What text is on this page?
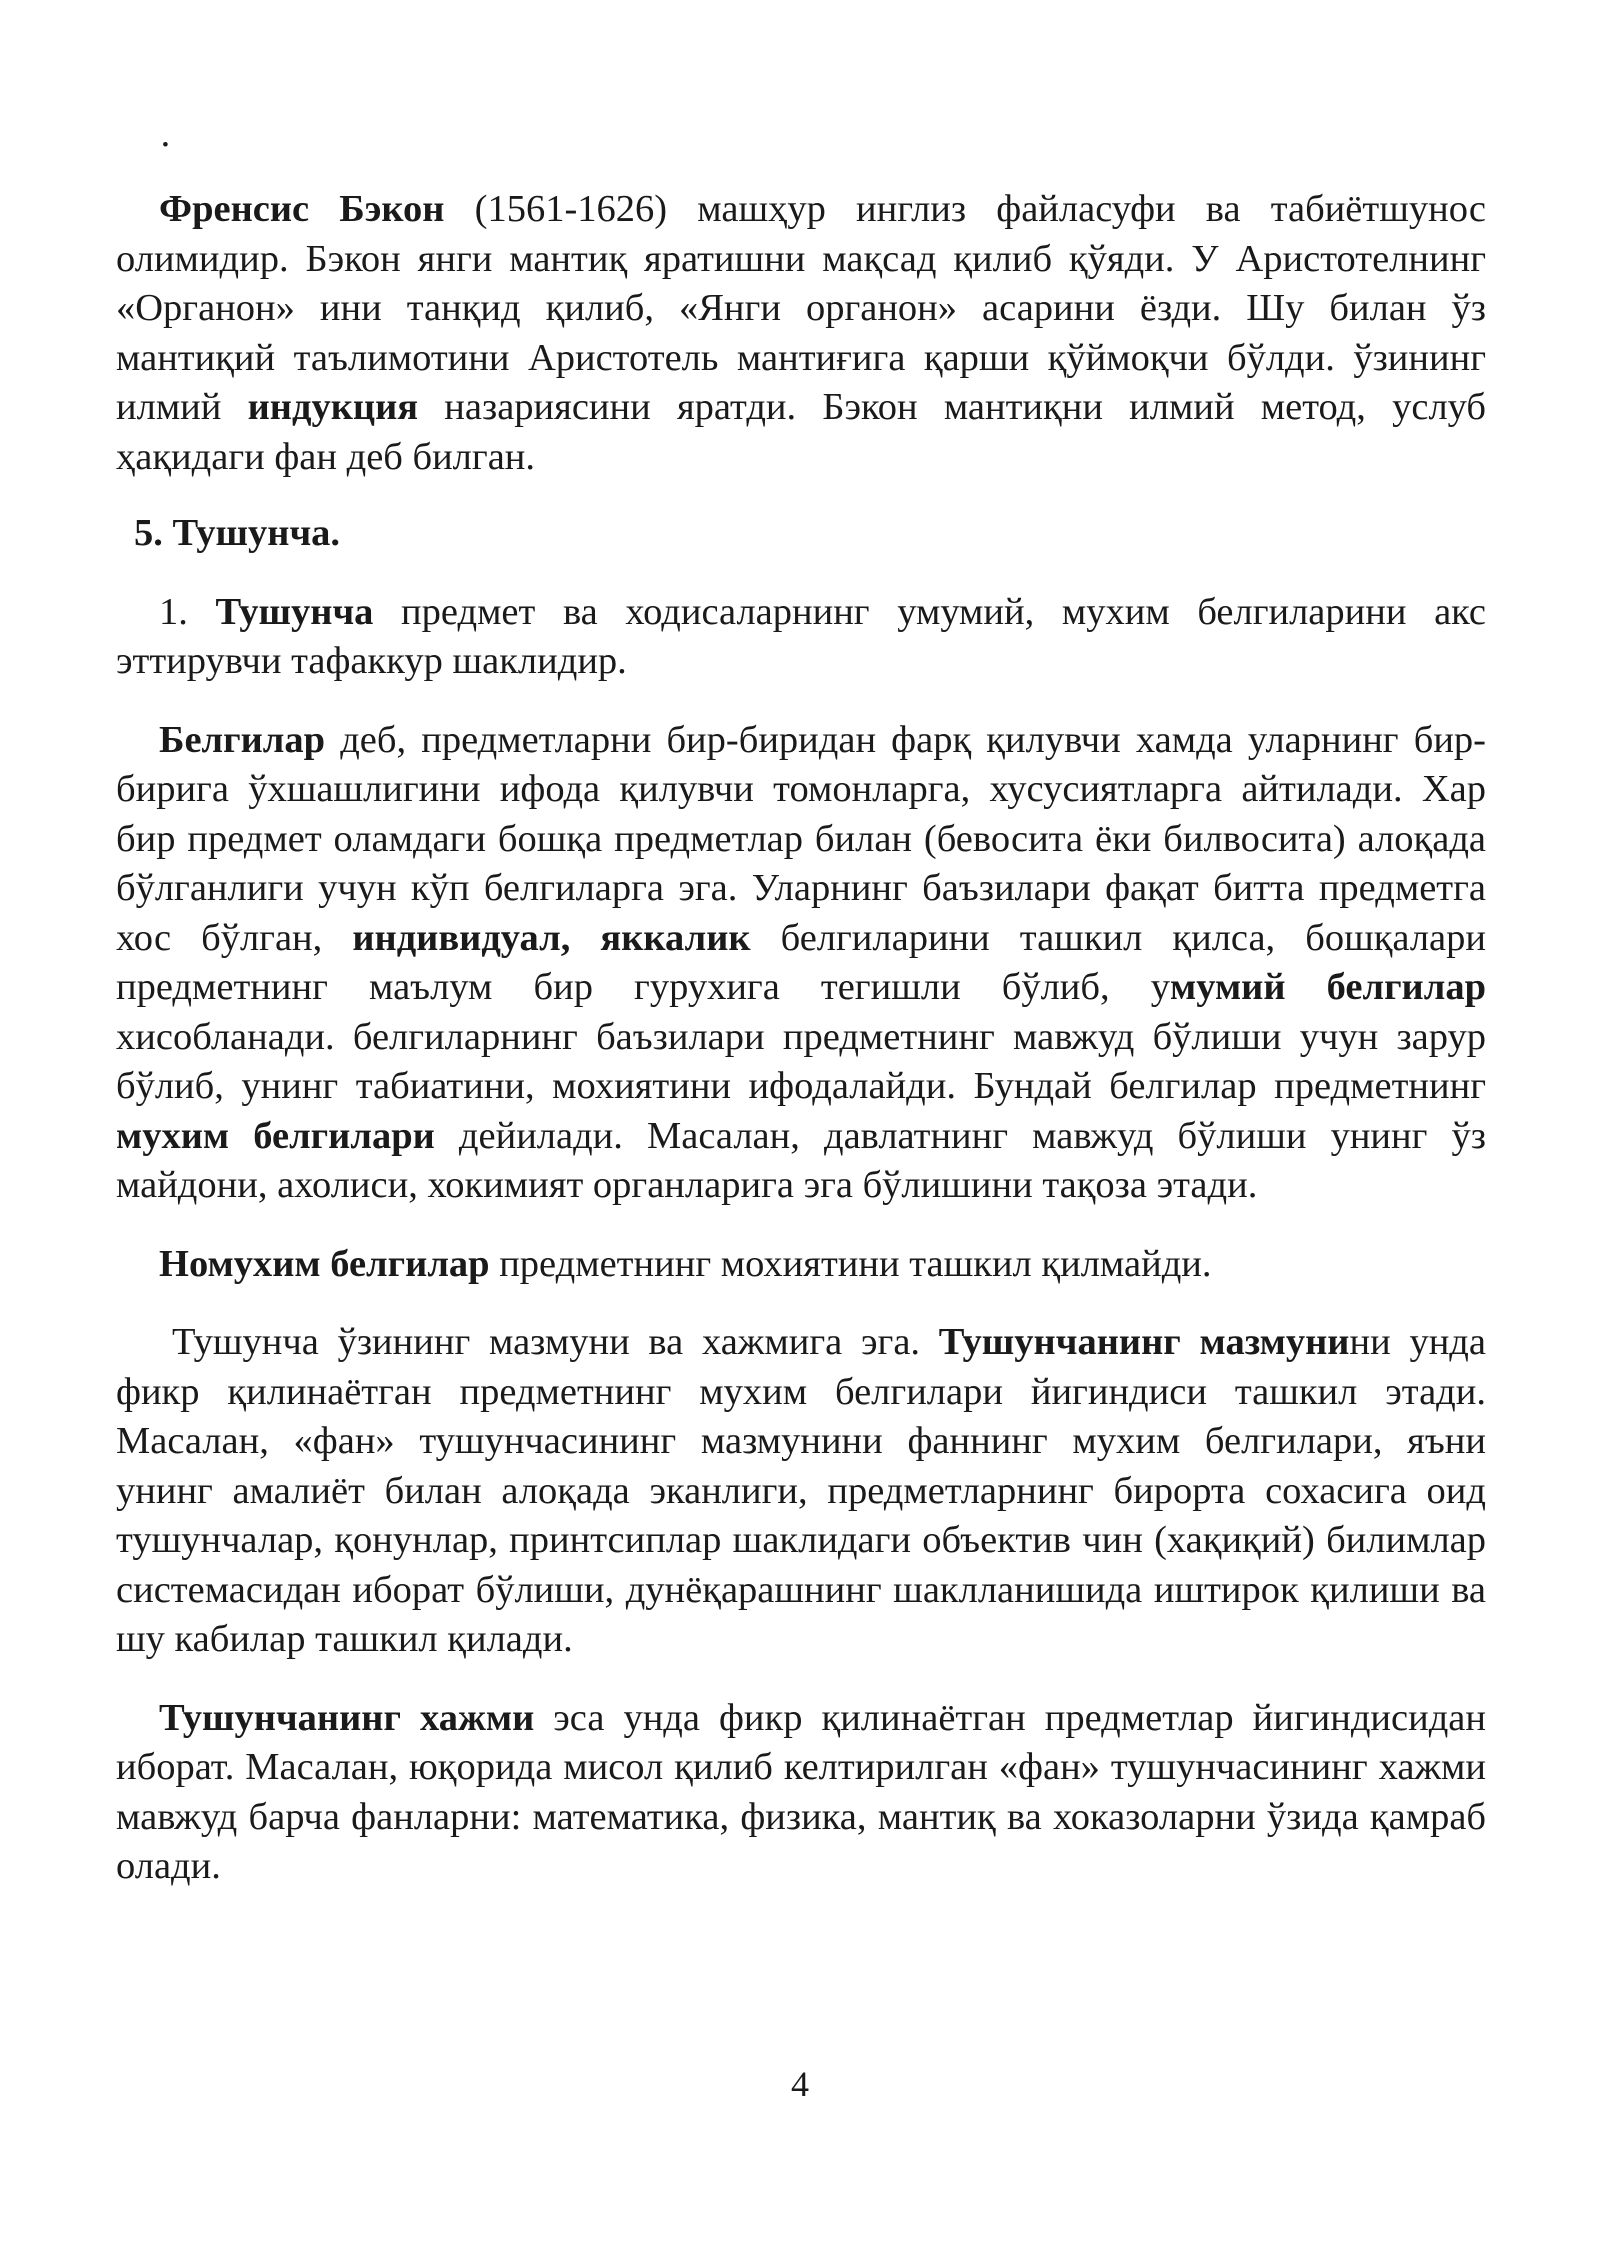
·

Френсис Бэкон (1561-1626) машҳур инглиз файласуфи ва табиётшунос олимидир. Бэкон янги мантиқ яратишни мақсад қилиб қўяди. У Аристотелнинг «Органон» ини танқид қилиб, «Янги органон» асарини ёзди. Шу билан ўз мантиқий таълимотини Аристотель мантиғига қарши қўймоқчи бўлди. ўзининг илмий индукция назариясини яратди. Бэкон мантиқни илмий метод, услуб ҳақидаги фан деб билган.

5. Тушунча.

1. Тушунча предмет ва ходисаларнинг умумий, мухим белгиларини акс эттирувчи тафаккур шаклидир.

Белгилар деб, предметларни бир-биридан фарқ қилувчи хамда уларнинг бир-бирига ўхшашлигини ифода қилувчи томонларга, хусусиятларга айтилади. Хар бир предмет оламдаги бошқа предметлар билан (бевосита ёки билвосита) алоқада бўлганлиги учун кўп белгиларга эга. Уларнинг баъзилари фақат битта предметга хос бўлган, индивидуал, яккалик белгиларини ташкил қилса, бошқалари предметнинг маълум бир гурухига тегишли бўлиб, умумий белгилар хисобланади. белгиларнинг баъзилари предметнинг мавжуд бўлиши учун зарур бўлиб, унинг табиатини, мохиятини ифодалайди. Бундай белгилар предметнинг мухим белгилари дейилади. Масалан, давлатнинг мавжуд бўлиши унинг ўз майдони, ахолиси, хокимият органларига эга бўлишини тақоза этади.

Номухим белгилар предметнинг мохиятини ташкил қилмайди.

Тушунча ўзининг мазмуни ва хажмига эга. Тушунчанинг мазмунини унда фикр қилинаётган предметнинг мухим белгилари йигиндиси ташкил этади. Масалан, «фан» тушунчасининг мазмунини фаннинг мухим белгилари, яъни унинг амалиёт билан алоқада эканлиги, предметларнинг бирорта сохасига оид тушунчалар, қонунлар, принтсиплар шаклидаги объектив чин (хақиқий) билимлар системасидан иборат бўлиши, дунёқарашнинг шаклланишида иштирок қилиши ва шу кабилар ташкил қилади.

Тушунчанинг хажми эса унда фикр қилинаётган предметлар йигиндисидан иборат. Масалан, юқорида мисол қилиб келтирилган «фан» тушунчасининг хажми мавжуд барча фанларни: математика, физика, мантиқ ва хоказоларни ўзида қамраб олади.

4
